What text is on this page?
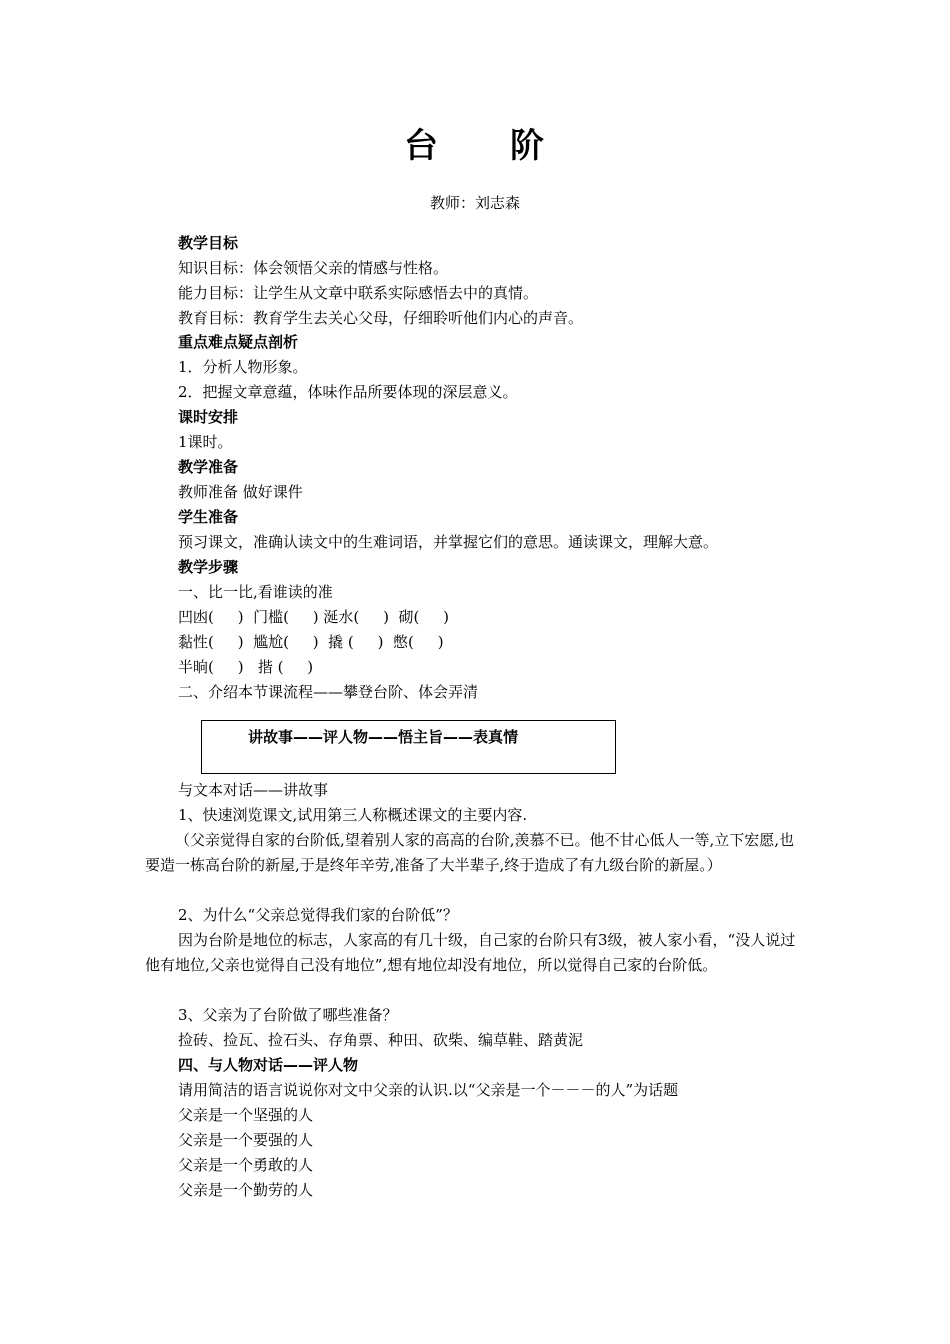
台 阶
教师：刘志森
教学目标
知识目标：体会领悟父亲的情感与性格。
能力目标：让学生从文章中联系实际感悟去中的真情。
教育目标：教育学生去关心父母，仔细聆听他们内心的声音。
重点难点疑点剖析
1．分析人物形象。
2．把握文章意蕴，体味作品所要体现的深层意义。
课时安排
1课时。
教学准备
教师准备 做好课件
学生准备
预习课文，准确认读文中的生难词语，并掌握它们的意思。通读课文，理解大意。
教学步骤
一、比一比,看谁读的准
凹凼(     )  门槛(     ) 涎水(     )  砌(     )
黏性(     )  尴尬(     )  撬 (     )  憋(     )
半晌(     )   揩 (     )
二、介绍本节课流程——攀登台阶、体会弄清
讲故事——评人物——悟主旨——表真情
与文本对话——讲故事
1、快速浏览课文,试用第三人称概述课文的主要内容.
（父亲觉得自家的台阶低,望着别人家的高高的台阶,羡慕不已。他不甘心低人一等,立下宏愿,也要造一栋高台阶的新屋,于是终年辛劳,准备了大半辈子,终于造成了有九级台阶的新屋。）
2、为什么“父亲总觉得我们家的台阶低”？
因为台阶是地位的标志，人家高的有几十级，自己家的台阶只有3级，被人家小看，“没人说过他有地位,父亲也觉得自己没有地位”,想有地位却没有地位，所以觉得自己家的台阶低。
3、父亲为了台阶做了哪些准备？
捡砖、捡瓦、捡石头、存角票、种田、砍柴、编草鞋、踏黄泥
四、与人物对话——评人物
请用简洁的语言说说你对文中父亲的认识.以“父亲是一个－－－的人”为话题
父亲是一个坚强的人
父亲是一个要强的人
父亲是一个勇敢的人
父亲是一个勤劳的人
